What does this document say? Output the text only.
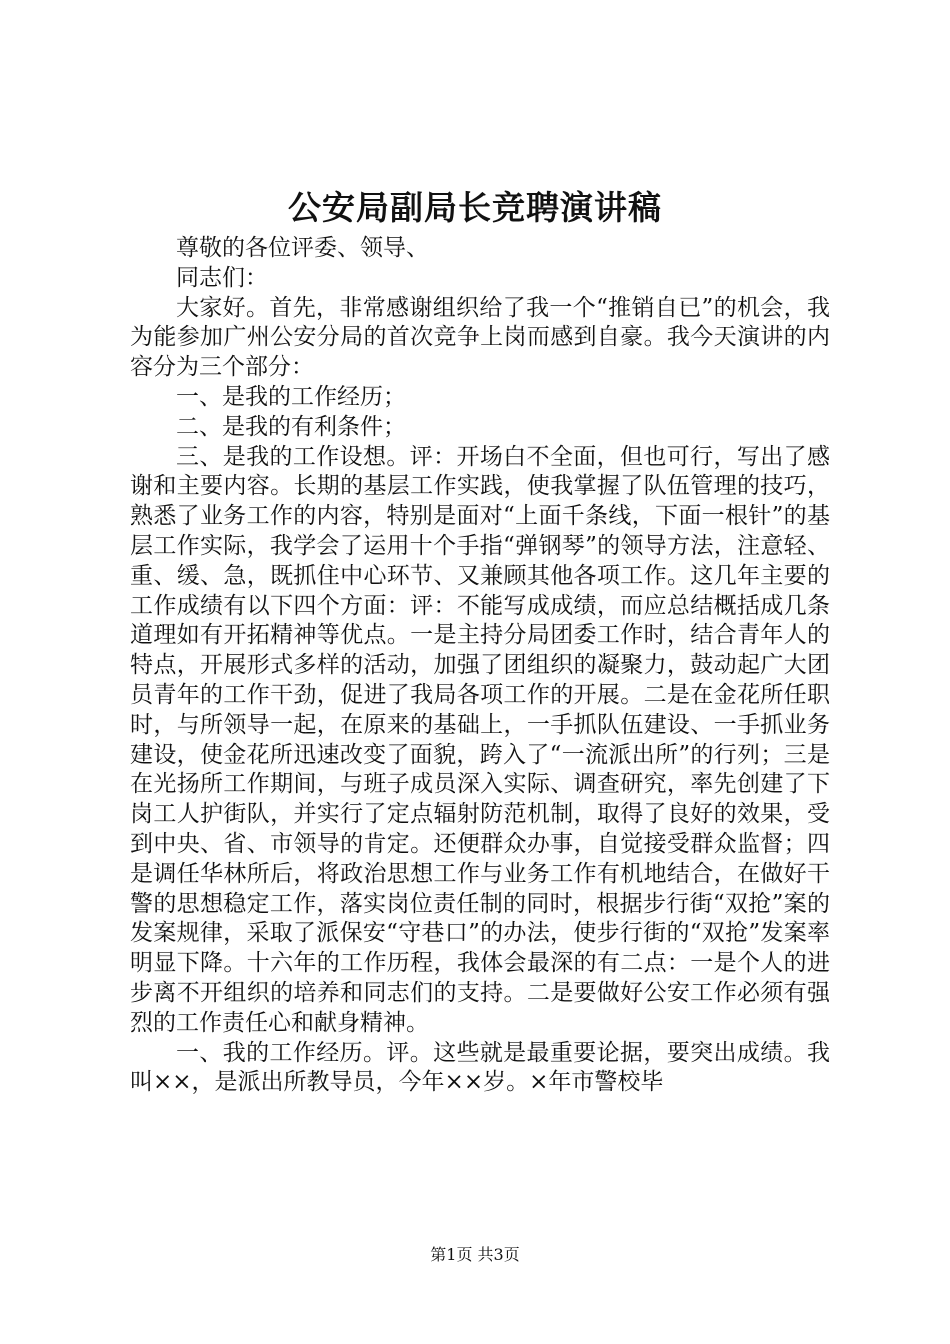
公安局副局长竞聘演讲稿

尊敬的各位评委、领导、

同志们：

大家好。首先，非常感谢组织给了我一个“推销自已”的机会，我为能参加广州公安分局的首次竞争上岗而感到自豪。我今天演讲的内容分为三个部分：

一、是我的工作经历；

二、是我的有利条件；

三、是我的工作设想。评：开场白不全面，但也可行，写出了感谢和主要内容。长期的基层工作实践，使我掌握了队伍管理的技巧，熟悉了业务工作的内容，特别是面对“上面千条线，下面一根针”的基层工作实际，我学会了运用十个手指“弹钢琴”的领导方法，注意轻、重、缓、急，既抓住中心环节、又兼顾其他各项工作。这几年主要的工作成绩有以下四个方面：评：不能写成成绩，而应总结概括成几条道理如有开拓精神等优点。一是主持分局团委工作时，结合青年人的特点，开展形式多样的活动，加强了团组织的凝聚力，鼓动起广大团员青年的工作干劲，促进了我局各项工作的开展。二是在金花所任职时，与所领导一起，在原来的基础上，一手抓队伍建设、一手抓业务建设，使金花所迅速改变了面貌，跨入了“一流派出所”的行列；三是在光扬所工作期间，与班子成员深入实际、调查研究，率先创建了下岗工人护街队，并实行了定点辐射防范机制，取得了良好的效果，受到中央、省、市领导的肯定。还便群众办事，自觉接受群众监督；四是调任华林所后，将政治思想工作与业务工作有机地结合，在做好干警的思想稳定工作，落实岗位责任制的同时，根据步行街“双抢”案的发案规律，采取了派保安“守巷口”的办法，使步行街的“双抢”发案率明显下降。十六年的工作历程，我体会最深的有二点：一是个人的进步离不开组织的培养和同志们的支持。二是要做好公安工作必须有强烈的工作责任心和献身精神。

一、我的工作经历。评。这些就是最重要论据，要突出成绩。我叫××，是派出所教导员，今年××岁。×年市警校毕

第1页 共3页
